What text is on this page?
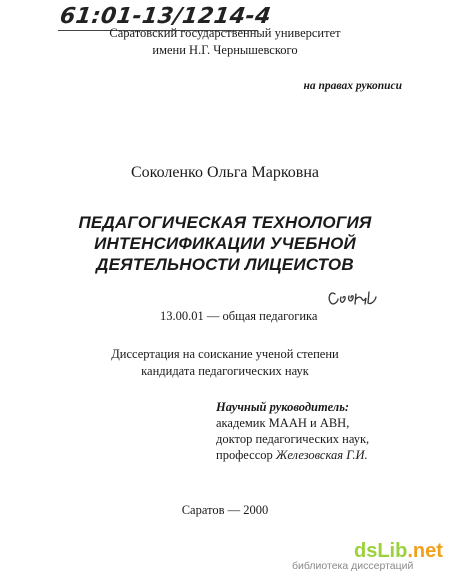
61:01-13/1214-4
Саратовский государственный университет
имени Н.Г. Чернышевского
на правах рукописи
Соколенко Ольга Марковна
ПЕДАГОГИЧЕСКАЯ ТЕХНОЛОГИЯ
ИНТЕНСИФИКАЦИИ УЧЕБНОЙ
ДЕЯТЕЛЬНОСТИ ЛИЦЕИСТОВ
13.00.01 — общая педагогика
Диссертация на соискание ученой степени
кандидата педагогических наук
Научный руководитель:
академик МААН и АВН,
доктор педагогических наук,
профессор Железовская Г.И.
Саратов — 2000
dsLib.net
библиотека диссертаций
